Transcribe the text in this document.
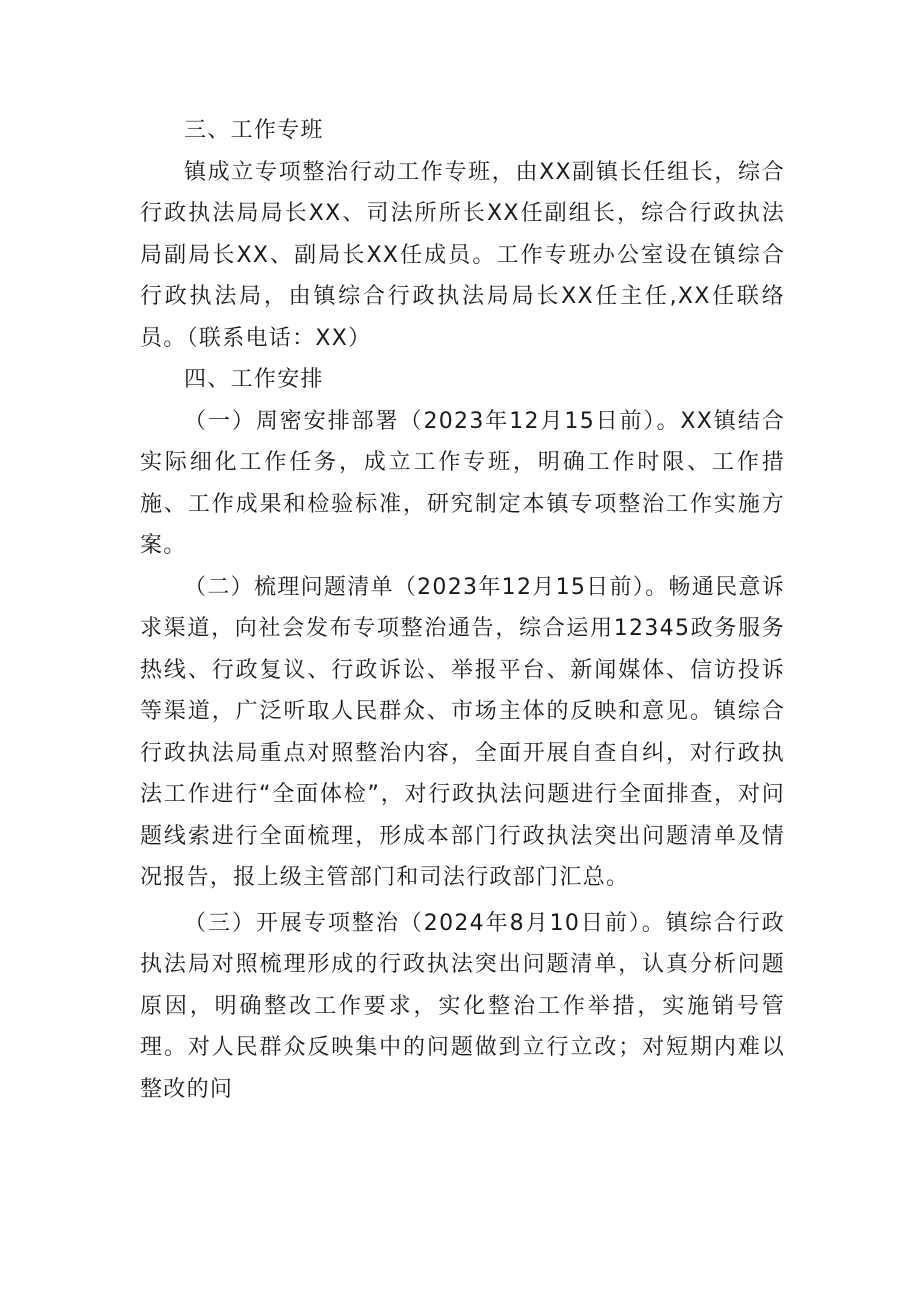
三、工作专班

镇成立专项整治行动工作专班，由XX副镇长任组长，综合行政执法局局长XX、司法所所长XX任副组长，综合行政执法局副局长XX、副局长XX任成员。工作专班办公室设在镇综合行政执法局，由镇综合行政执法局局长XX任主任,XX任联络员。（联系电话：XX）

四、工作安排

（一）周密安排部署（2023年12月15日前）。XX镇结合实际细化工作任务，成立工作专班，明确工作时限、工作措施、工作成果和检验标准，研究制定本镇专项整治工作实施方案。

（二）梳理问题清单（2023年12月15日前）。畅通民意诉求渠道，向社会发布专项整治通告，综合运用12345政务服务热线、行政复议、行政诉讼、举报平台、新闻媒体、信访投诉等渠道，广泛听取人民群众、市场主体的反映和意见。镇综合行政执法局重点对照整治内容，全面开展自查自纠，对行政执法工作进行“全面体检”，对行政执法问题进行全面排查，对问题线索进行全面梳理，形成本部门行政执法突出问题清单及情况报告，报上级主管部门和司法行政部门汇总。

（三）开展专项整治（2024年8月10日前）。镇综合行政执法局对照梳理形成的行政执法突出问题清单，认真分析问题原因，明确整改工作要求，实化整治工作举措，实施销号管理。对人民群众反映集中的问题做到立行立改；对短期内难以整改的问
